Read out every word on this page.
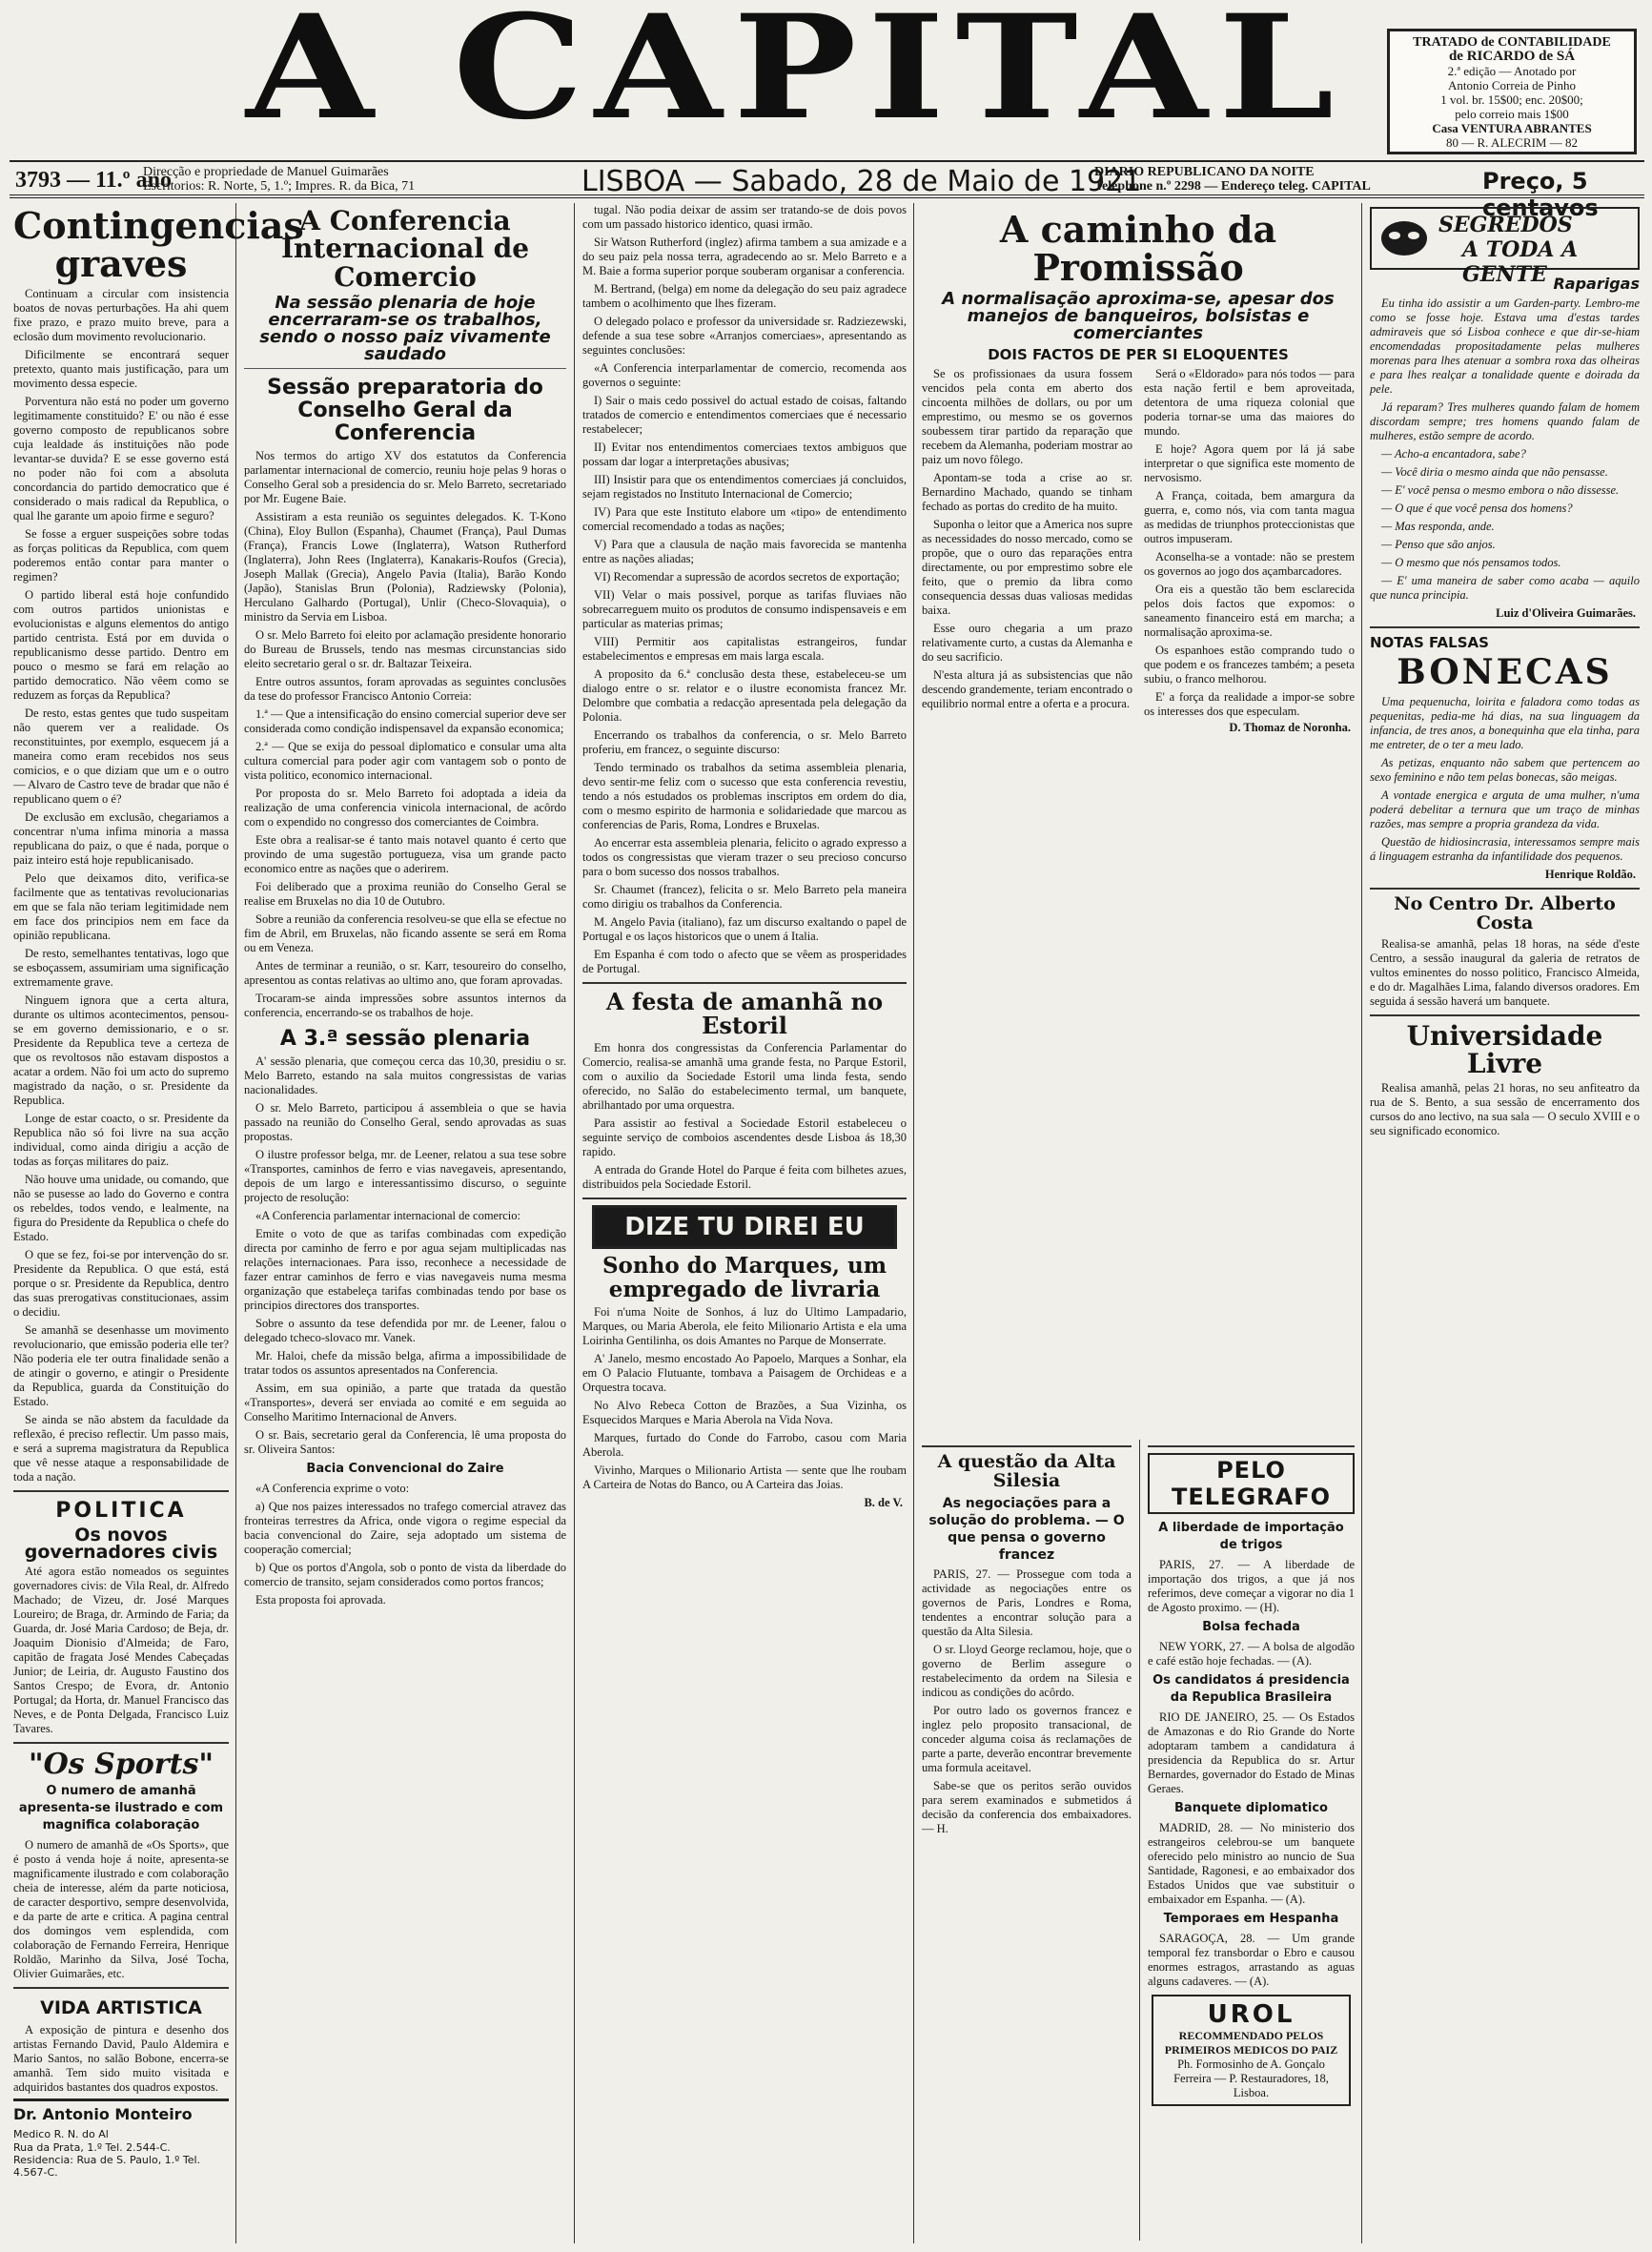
A CAPITAL	TRATADO de CONTABILIDADE
de RICARDO de SÁ
2.ª edição — Anotado por
Antonio Correia de Pinho
1 vol. br. 15$00; enc. 20$00;
pelo correio mais 1$00
Casa VENTURA ABRANTES
80 — R. ALECRIM — 82
3793 — 11.º ano
Direcção e propriedade de Manuel Guimarães
Escritorios: R. Norte, 5, 1.º; Impres. R. da Bica, 71	LISBOA — Sabado, 28 de Maio de 1921
DIARIO REPUBLICANO DA NOITE
Telephone n.º 2298 — Endereço teleg. CAPITAL	Preço, 5 centavos
Contingencias graves

Continuam a circular com insistencia boatos de novas perturbações. Ha ahi quem fixe prazo, e prazo muito breve, para a eclosão dum movimento revolucionario.

Dificilmente se encontrará sequer pretexto, quanto mais justificação, para um movimento dessa especie.

Porventura não está no poder um governo legitimamente constituido? E' ou não é esse governo composto de republicanos sobre cuja lealdade ás instituições não pode levantar-se duvida? E se esse governo está no poder não foi com a absoluta concordancia do partido democratico que é considerado o mais radical da Republica, o qual lhe garante um apoio firme e seguro?

Se fosse a erguer suspeições sobre todas as forças politicas da Republica, com quem poderemos então contar para manter o regimen?

O partido liberal está hoje confundido com outros partidos unionistas e evolucionistas e alguns elementos do antigo partido centrista. Está por em duvida o republicanismo desse partido. Dentro em pouco o mesmo se fará em relação ao partido democratico. Não vêem como se reduzem as forças da Republica?

De resto, estas gentes que tudo suspeitam não querem ver a realidade. Os reconstituintes, por exemplo, esquecem já a maneira como eram recebidos nos seus comicios, e o que diziam que um e o outro — Alvaro de Castro teve de bradar que não é republicano quem o é?

De exclusão em exclusão, chegariamos a concentrar n'uma infima minoria a massa republicana do paiz, o que é nada, porque o paiz inteiro está hoje republicanisado.

Pelo que deixamos dito, verifica-se facilmente que as tentativas revolucionarias em que se fala não teriam legitimidade nem em face dos principios nem em face da opinião republicana.

De resto, semelhantes tentativas, logo que se esboçassem, assumiriam uma significação extremamente grave.

Ninguem ignora que a certa altura, durante os ultimos acontecimentos, pensou-se em governo demissionario, e o sr. Presidente da Republica teve a certeza de que os revoltosos não estavam dispostos a acatar a ordem. Não foi um acto do supremo magistrado da nação, o sr. Presidente da Republica.

Longe de estar coacto, o sr. Presidente da Republica não só foi livre na sua acção individual, como ainda dirigiu a acção de todas as forças militares do paiz.

Não houve uma unidade, ou comando, que não se pusesse ao lado do Governo e contra os rebeldes, todos vendo, e lealmente, na figura do Presidente da Republica o chefe do Estado.

O que se fez, foi-se por intervenção do sr. Presidente da Republica. O que está, está porque o sr. Presidente da Republica, dentro das suas prerogativas constitucionaes, assim o decidiu.

Se amanhã se desenhasse um movimento revolucionario, que emissão poderia elle ter? Não poderia ele ter outra finalidade senão a de atingir o governo, e atingir o Presidente da Republica, guarda da Constituição do Estado.

Se ainda se não abstem da faculdade da reflexão, é preciso reflectir. Um passo mais, e será a suprema magistratura da Republica que vê nesse ataque a responsabilidade de toda a nação.

POLITICA
Os novos governadores civis

Até agora estão nomeados os seguintes governadores civis: de Vila Real, dr. Alfredo Machado; de Vizeu, dr. José Marques Loureiro; de Braga, dr. Armindo de Faria; da Guarda, dr. José Maria Cardoso; de Beja, dr. Joaquim Dionisio d'Almeida; de Faro, capitão de fragata José Mendes Cabeçadas Junior; de Leiria, dr. Augusto Faustino dos Santos Crespo; de Evora, dr. Antonio Portugal; da Horta, dr. Manuel Francisco das Neves, e de Ponta Delgada, Francisco Luiz Tavares.

"Os Sports"
O numero de amanhã apresenta-se ilustrado e com magnifica colaboração

O numero de amanhã de «Os Sports», que é posto á venda hoje á noite, apresenta-se magnificamente ilustrado e com colaboração cheia de interesse, além da parte noticiosa, de caracter desportivo, sempre desenvolvida, e da parte de arte e critica. A pagina central dos domingos vem esplendida, com colaboração de Fernando Ferreira, Henrique Roldão, Marinho da Silva, José Tocha, Olivier Guimarães, etc.

VIDA ARTISTICA

A exposição de pintura e desenho dos artistas Fernando David, Paulo Aldemira e Mario Santos, no salão Bobone, encerra-se amanhã. Tem sido muito visitada e adquiridos bastantes dos quadros expostos.

Dr. Antonio Monteiro Medico R. N. do Al
Rua da Prata, 1.º Tel. 2.544-C. Residencia: Rua de S. Paulo, 1.º Tel. 4.567-C.
A Conferencia Internacional de Comercio
Na sessão plenaria de hoje encerraram-se os trabalhos, sendo o nosso paiz vivamente saudado
Sessão preparatoria do Conselho Geral da Conferencia

Nos termos do artigo XV dos estatutos da Conferencia parlamentar internacional de comercio, reuniu hoje pelas 9 horas o Conselho Geral sob a presidencia do sr. Melo Barreto, secretariado por Mr. Eugene Baie.

Assistiram a esta reunião os seguintes delegados. K. T-Kono (China), Eloy Bullon (Espanha), Chaumet (França), Paul Dumas (França), Francis Lowe (Inglaterra), Watson Rutherford (Inglaterra), John Rees (Inglaterra), Kanakaris-Roufos (Grecia), Joseph Mallak (Grecia), Angelo Pavia (Italia), Barão Kondo (Japão), Stanislas Brun (Polonia), Radziewsky (Polonia), Herculano Galhardo (Portugal), Unlir (Checo-Slovaquia), o ministro da Servia em Lisboa.

O sr. Melo Barreto foi eleito por aclamação presidente honorario do Bureau de Brussels, tendo nas mesmas circunstancias sido eleito secretario geral o sr. dr. Baltazar Teixeira.

Entre outros assuntos, foram aprovadas as seguintes conclusões da tese do professor Francisco Antonio Correia:

1.ª — Que a intensificação do ensino comercial superior deve ser considerada como condição indispensavel da expansão economica;

2.ª — Que se exija do pessoal diplomatico e consular uma alta cultura comercial para poder agir com vantagem sob o ponto de vista politico, economico internacional.

Por proposta do sr. Melo Barreto foi adoptada a ideia da realização de uma conferencia vinicola internacional, de acôrdo com o expendido no congresso dos comerciantes de Coimbra.

Este obra a realisar-se é tanto mais notavel quanto é certo que provindo de uma sugestão portugueza, visa um grande pacto economico entre as nações que o aderirem.

Foi deliberado que a proxima reunião do Conselho Geral se realise em Bruxelas no dia 10 de Outubro.

Sobre a reunião da conferencia resolveu-se que ella se efectue no fim de Abril, em Bruxelas, não ficando assente se será em Roma ou em Veneza.

Antes de terminar a reunião, o sr. Karr, tesoureiro do conselho, apresentou as contas relativas ao ultimo ano, que foram aprovadas.

Trocaram-se ainda impressões sobre assuntos internos da conferencia, encerrando-se os trabalhos de hoje.

A 3.ª sessão plenaria

A' sessão plenaria, que começou cerca das 10,30, presidiu o sr. Melo Barreto, estando na sala muitos congressistas de varias nacionalidades.

O sr. Melo Barreto, participou á assembleia o que se havia passado na reunião do Conselho Geral, sendo aprovadas as suas propostas.

O ilustre professor belga, mr. de Leener, relatou a sua tese sobre «Transportes, caminhos de ferro e vias navegaveis, apresentando, depois de um largo e interessantissimo discurso, o seguinte projecto de resolução:

«A Conferencia parlamentar internacional de comercio:

Emite o voto de que as tarifas combinadas com expedição directa por caminho de ferro e por agua sejam multiplicadas nas relações internacionaes. Para isso, reconhece a necessidade de fazer entrar caminhos de ferro e vias navegaveis numa mesma organização que estabeleça tarifas combinadas tendo por base os principios directores dos transportes.

Sobre o assunto da tese defendida por mr. de Leener, falou o delegado tcheco-slovaco mr. Vanek.

Mr. Haloi, chefe da missão belga, afirma a impossibilidade de tratar todos os assuntos apresentados na Conferencia.

Assim, em sua opinião, a parte que tratada da questão «Transportes», deverá ser enviada ao comité e em seguida ao Conselho Maritimo Internacional de Anvers.

O sr. Bais, secretario geral da Conferencia, lê uma proposta do sr. Oliveira Santos:

Bacia Convencional do Zaire

«A Conferencia exprime o voto:

a) Que nos paizes interessados no trafego comercial atravez das fronteiras terrestres da Africa, onde vigora o regime especial da bacia convencional do Zaire, seja adoptado um sistema de cooperação comercial;

b) Que os portos d'Angola, sob o ponto de vista da liberdade do comercio de transito, sejam considerados como portos francos;

Esta proposta foi aprovada.

tugal. Não podia deixar de assim ser tratando-se de dois povos com um passado historico identico, quasi irmão.

Sir Watson Rutherford (inglez) afirma tambem a sua amizade e a do seu paiz pela nossa terra, agradecendo ao sr. Melo Barreto e a M. Baie a forma superior porque souberam organisar a conferencia.

M. Bertrand, (belga) em nome da delegação do seu paiz agradece tambem o acolhimento que lhes fizeram.

O delegado polaco e professor da universidade sr. Radziezewski, defende a sua tese sobre «Arranjos comerciaes», apresentando as seguintes conclusões:

«A Conferencia interparlamentar de comercio, recomenda aos governos o seguinte:

I) Sair o mais cedo possivel do actual estado de coisas, faltando tratados de comercio e entendimentos comerciaes que é necessario restabelecer;

II) Evitar nos entendimentos comerciaes textos ambiguos que possam dar logar a interpretações abusivas;

III) Insistir para que os entendimentos comerciaes já concluidos, sejam registados no Instituto Internacional de Comercio;

IV) Para que este Instituto elabore um «tipo» de entendimento comercial recomendado a todas as nações;

V) Para que a clausula de nação mais favorecida se mantenha entre as nações aliadas;

VI) Recomendar a supressão de acordos secretos de exportação;

VII) Velar o mais possivel, porque as tarifas fluviaes não sobrecarreguem muito os produtos de consumo indispensaveis e em particular as materias primas;

VIII) Permitir aos capitalistas estrangeiros, fundar estabelecimentos e empresas em mais larga escala.

A proposito da 6.ª conclusão desta these, estabeleceu-se um dialogo entre o sr. relator e o ilustre economista francez Mr. Delombre que combatia a redacção apresentada pela delegação da Polonia.

Encerrando os trabalhos da conferencia, o sr. Melo Barreto proferiu, em francez, o seguinte discurso:

Tendo terminado os trabalhos da setima assembleia plenaria, devo sentir-me feliz com o sucesso que esta conferencia revestiu, tendo a nós estudados os problemas inscriptos em ordem do dia, com o mesmo espirito de harmonia e solidariedade que marcou as conferencias de Paris, Roma, Londres e Bruxelas.

Ao encerrar esta assembleia plenaria, felicito o agrado expresso a todos os congressistas que vieram trazer o seu precioso concurso para o bom sucesso dos nossos trabalhos.

Sr. Chaumet (francez), felicita o sr. Melo Barreto pela maneira como dirigiu os trabalhos da Conferencia.

M. Angelo Pavia (italiano), faz um discurso exaltando o papel de Portugal e os laços historicos que o unem á Italia.

Em Espanha é com todo o afecto que se vêem as prosperidades de Portugal.

A festa de amanhã no Estoril

Em honra dos congressistas da Conferencia Parlamentar do Comercio, realisa-se amanhã uma grande festa, no Parque Estoril, com o auxilio da Sociedade Estoril uma linda festa, sendo oferecido, no Salão do estabelecimento termal, um banquete, abrilhantado por uma orquestra.

Para assistir ao festival a Sociedade Estoril estabeleceu o seguinte serviço de comboios ascendentes desde Lisboa ás 18,30 rapido.

A entrada do Grande Hotel do Parque é feita com bilhetes azues, distribuidos pela Sociedade Estoril.

DIZE TU DIREI EU
Sonho do Marques, um empregado de livraria

Foi n'uma Noite de Sonhos, á luz do Ultimo Lampadario, Marques, ou Maria Aberola, ele feito Milionario Artista e ela uma Loirinha Gentilinha, os dois Amantes no Parque de Monserrate.

A' Janelo, mesmo encostado Ao Papoelo, Marques a Sonhar, ela em O Palacio Flutuante, tombava a Paisagem de Orchideas e a Orquestra tocava.

No Alvo Rebeca Cotton de Brazões, a Sua Vizinha, os Esquecidos Marques e Maria Aberola na Vida Nova.

Marques, furtado do Conde do Farrobo, casou com Maria Aberola.

Vivinho, Marques o Milionario Artista — sente que lhe roubam A Carteira de Notas do Banco, ou A Carteira das Joias.

B. de V.
A caminho da Promissão
A normalisação aproxima-se, apesar dos manejos de banqueiros, bolsistas e comerciantes
DOIS FACTOS DE PER SI ELOQUENTES

Se os profissionaes da usura fossem vencidos pela conta em aberto dos cincoenta milhões de dollars, ou por um emprestimo, ou mesmo se os governos soubessem tirar partido da reparação que recebem da Alemanha, poderiam mostrar ao paiz um novo fôlego.

Apontam-se toda a crise ao sr. Bernardino Machado, quando se tinham fechado as portas do credito de ha muito.

Suponha o leitor que a America nos supre as necessidades do nosso mercado, como se propõe, que o ouro das reparações entra directamente, ou por emprestimo sobre ele feito, que o premio da libra como consequencia dessas duas valiosas medidas baixa.

Esse ouro chegaria a um prazo relativamente curto, a custas da Alemanha e do seu sacrificio.

N'esta altura já as subsistencias que não descendo grandemente, teriam encontrado o equilibrio normal entre a oferta e a procura.

Será o «Eldorado» para nós todos — para esta nação fertil e bem aproveitada, detentora de uma riqueza colonial que poderia tornar-se uma das maiores do mundo.

E hoje? Agora quem por lá já sabe interpretar o que significa este momento de nervosismo.

A França, coitada, bem amargura da guerra, e, como nós, via com tanta magua as medidas de triunphos proteccionistas que outros impuseram.

Aconselha-se a vontade: não se prestem os governos ao jogo dos açambarcadores.

Ora eis a questão tão bem esclarecida pelos dois factos que expomos: o saneamento financeiro está em marcha; a normalisação aproxima-se.

Os espanhoes estão comprando tudo o que podem e os francezes também; a peseta subiu, o franco melhorou.

E' a força da realidade a impor-se sobre os interesses dos que especulam.

D. Thomaz de Noronha.
A questão da Alta Silesia
As negociações para a solução do problema. — O que pensa o governo francez

PARIS, 27. — Prossegue com toda a actividade as negociações entre os governos de Paris, Londres e Roma, tendentes a encontrar solução para a questão da Alta Silesia.

O sr. Lloyd George reclamou, hoje, que o governo de Berlim assegure o restabelecimento da ordem na Silesia e indicou as condições do acôrdo.

Por outro lado os governos francez e inglez pelo proposito transacional, de conceder alguma coisa ás reclamações de parte a parte, deverão encontrar brevemente uma formula aceitavel.

Sabe-se que os peritos serão ouvidos para serem examinados e submetidos á decisão da conferencia dos embaixadores. — H.

PELO TELEGRAFO
A liberdade de importação de trigos

PARIS, 27. — A liberdade de importação dos trigos, a que já nos referimos, deve começar a vigorar no dia 1 de Agosto proximo. — (H).

Bolsa fechada

NEW YORK, 27. — A bolsa de algodão e café estão hoje fechadas. — (A).

Os candidatos á presidencia da Republica Brasileira

RIO DE JANEIRO, 25. — Os Estados de Amazonas e do Rio Grande do Norte adoptaram tambem a candidatura á presidencia da Republica do sr. Artur Bernardes, governador do Estado de Minas Geraes.

Banquete diplomatico

MADRID, 28. — No ministerio dos estrangeiros celebrou-se um banquete oferecido pelo ministro ao nuncio de Sua Santidade, Ragonesi, e ao embaixador dos Estados Unidos que vae substituir o embaixador em Espanha. — (A).

Temporaes em Hespanha

SARAGOÇA, 28. — Um grande temporal fez transbordar o Ebro e causou enormes estragos, arrastando as aguas alguns cadaveres. — (A).

UROL
RECOMMENDADO PELOS PRIMEIROS MEDICOS DO PAIZ
Ph. Formosinho de A. Gonçalo Ferreira — P. Restauradores, 18, Lisboa.
SEGREDOS
A TODA A GENTE Raparigas

Eu tinha ido assistir a um Garden-party. Lembro-me como se fosse hoje. Estava uma d'estas tardes admiraveis que só Lisboa conhece e que dir-se-hiam encomendadas propositadamente pelas mulheres morenas para lhes atenuar a sombra roxa das olheiras e para lhes realçar a tonalidade quente e doirada da pele.

Já reparam? Tres mulheres quando falam de homem discordam sempre; tres homens quando falam de mulheres, estão sempre de acordo.

— Acho-a encantadora, sabe?

— Você diria o mesmo ainda que não pensasse.

— E' você pensa o mesmo embora o não dissesse.

— O que é que você pensa dos homens?

— Mas responda, ande.

— Penso que são anjos.

— O mesmo que nós pensamos todos.

— E' uma maneira de saber como acaba — aquilo que nunca principia.

Luiz d'Oliveira Guimarães.
NOTAS FALSAS
BONECAS

Uma pequenucha, loirita e faladora como todas as pequenitas, pedia-me há dias, na sua linguagem da infancia, de tres anos, a bonequinha que ela tinha, para me entreter, de o ter a meu lado.

As petizas, enquanto não sabem que pertencem ao sexo feminino e não tem pelas bonecas, são meigas.

A vontade energica e arguta de uma mulher, n'uma poderá debelitar a ternura que um traço de minhas razões, mas sempre a propria grandeza da vida.

Questão de hidiosincrasia, interessamos sempre mais á linguagem estranha da infantilidade dos pequenos.

Henrique Roldão.
No Centro Dr. Alberto Costa

Realisa-se amanhã, pelas 18 horas, na séde d'este Centro, a sessão inaugural da galeria de retratos de vultos eminentes do nosso politico, Francisco Almeida, e do dr. Magalhães Lima, falando diversos oradores. Em seguida á sessão haverá um banquete.

Universidade Livre

Realisa amanhã, pelas 21 horas, no seu anfiteatro da rua de S. Bento, a sua sessão de encerramento dos cursos do ano lectivo, na sua sala — O seculo XVIII e o seu significado economico.
